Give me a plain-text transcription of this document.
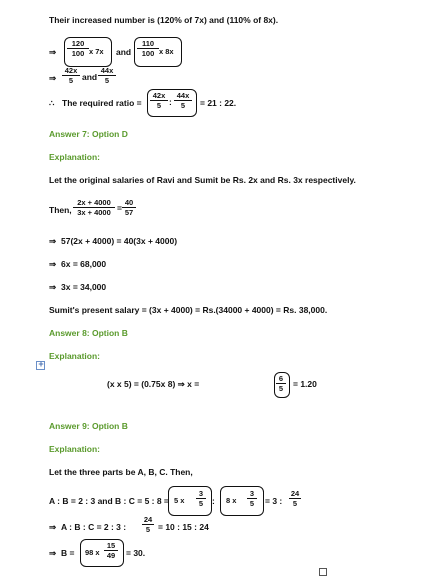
Their increased number is (120% of 7x) and (110% of 8x).
⇒ $\frac{120}{100}$ x 7x and $\frac{110}{100}$ x 8x
⇒ $\frac{42x}{5}$ and $\frac{44x}{5}$
∴ The required ratio = $\frac{42x}{5}$ : $\frac{44x}{5} = 21$ : 22.
Answer 7: Option D
Explanation:
Let the original salaries of Ravi and Sumit be Rs. 2x and Rs. 3x respectively.
Then, $\frac{2x + 4000}{3x + 4000} = \frac{40}{57}$
⇒ 57(2x + 4000) = 40(3x + 4000)
⇒ 6x = 68,000
⇒ 3x = 34,000
Sumit's present salary = (3x + 4000) = Rs.(34000 + 4000) = Rs. 38,000.
Answer 8: Option B
+
Explanation:
(x x 5) = (0.75x 8) ⇒ x =	$\frac{6}{5} = 1.20$
Answer 9: Option B
Explanation:
Let the three parts be A, B, C. Then,
A : B = 2 : 3 and B : C = 5 : 8 = 5 x $\frac{3}{5}$ : 8 x $\frac{3}{5} = 3$ : $\frac{24}{5}$
⇒ A : B : C = 2 : 3 : $\frac{24}{5} = 10$ : 15 : 24
⇒ B = 98 x $\frac{15}{49} = 30$.
